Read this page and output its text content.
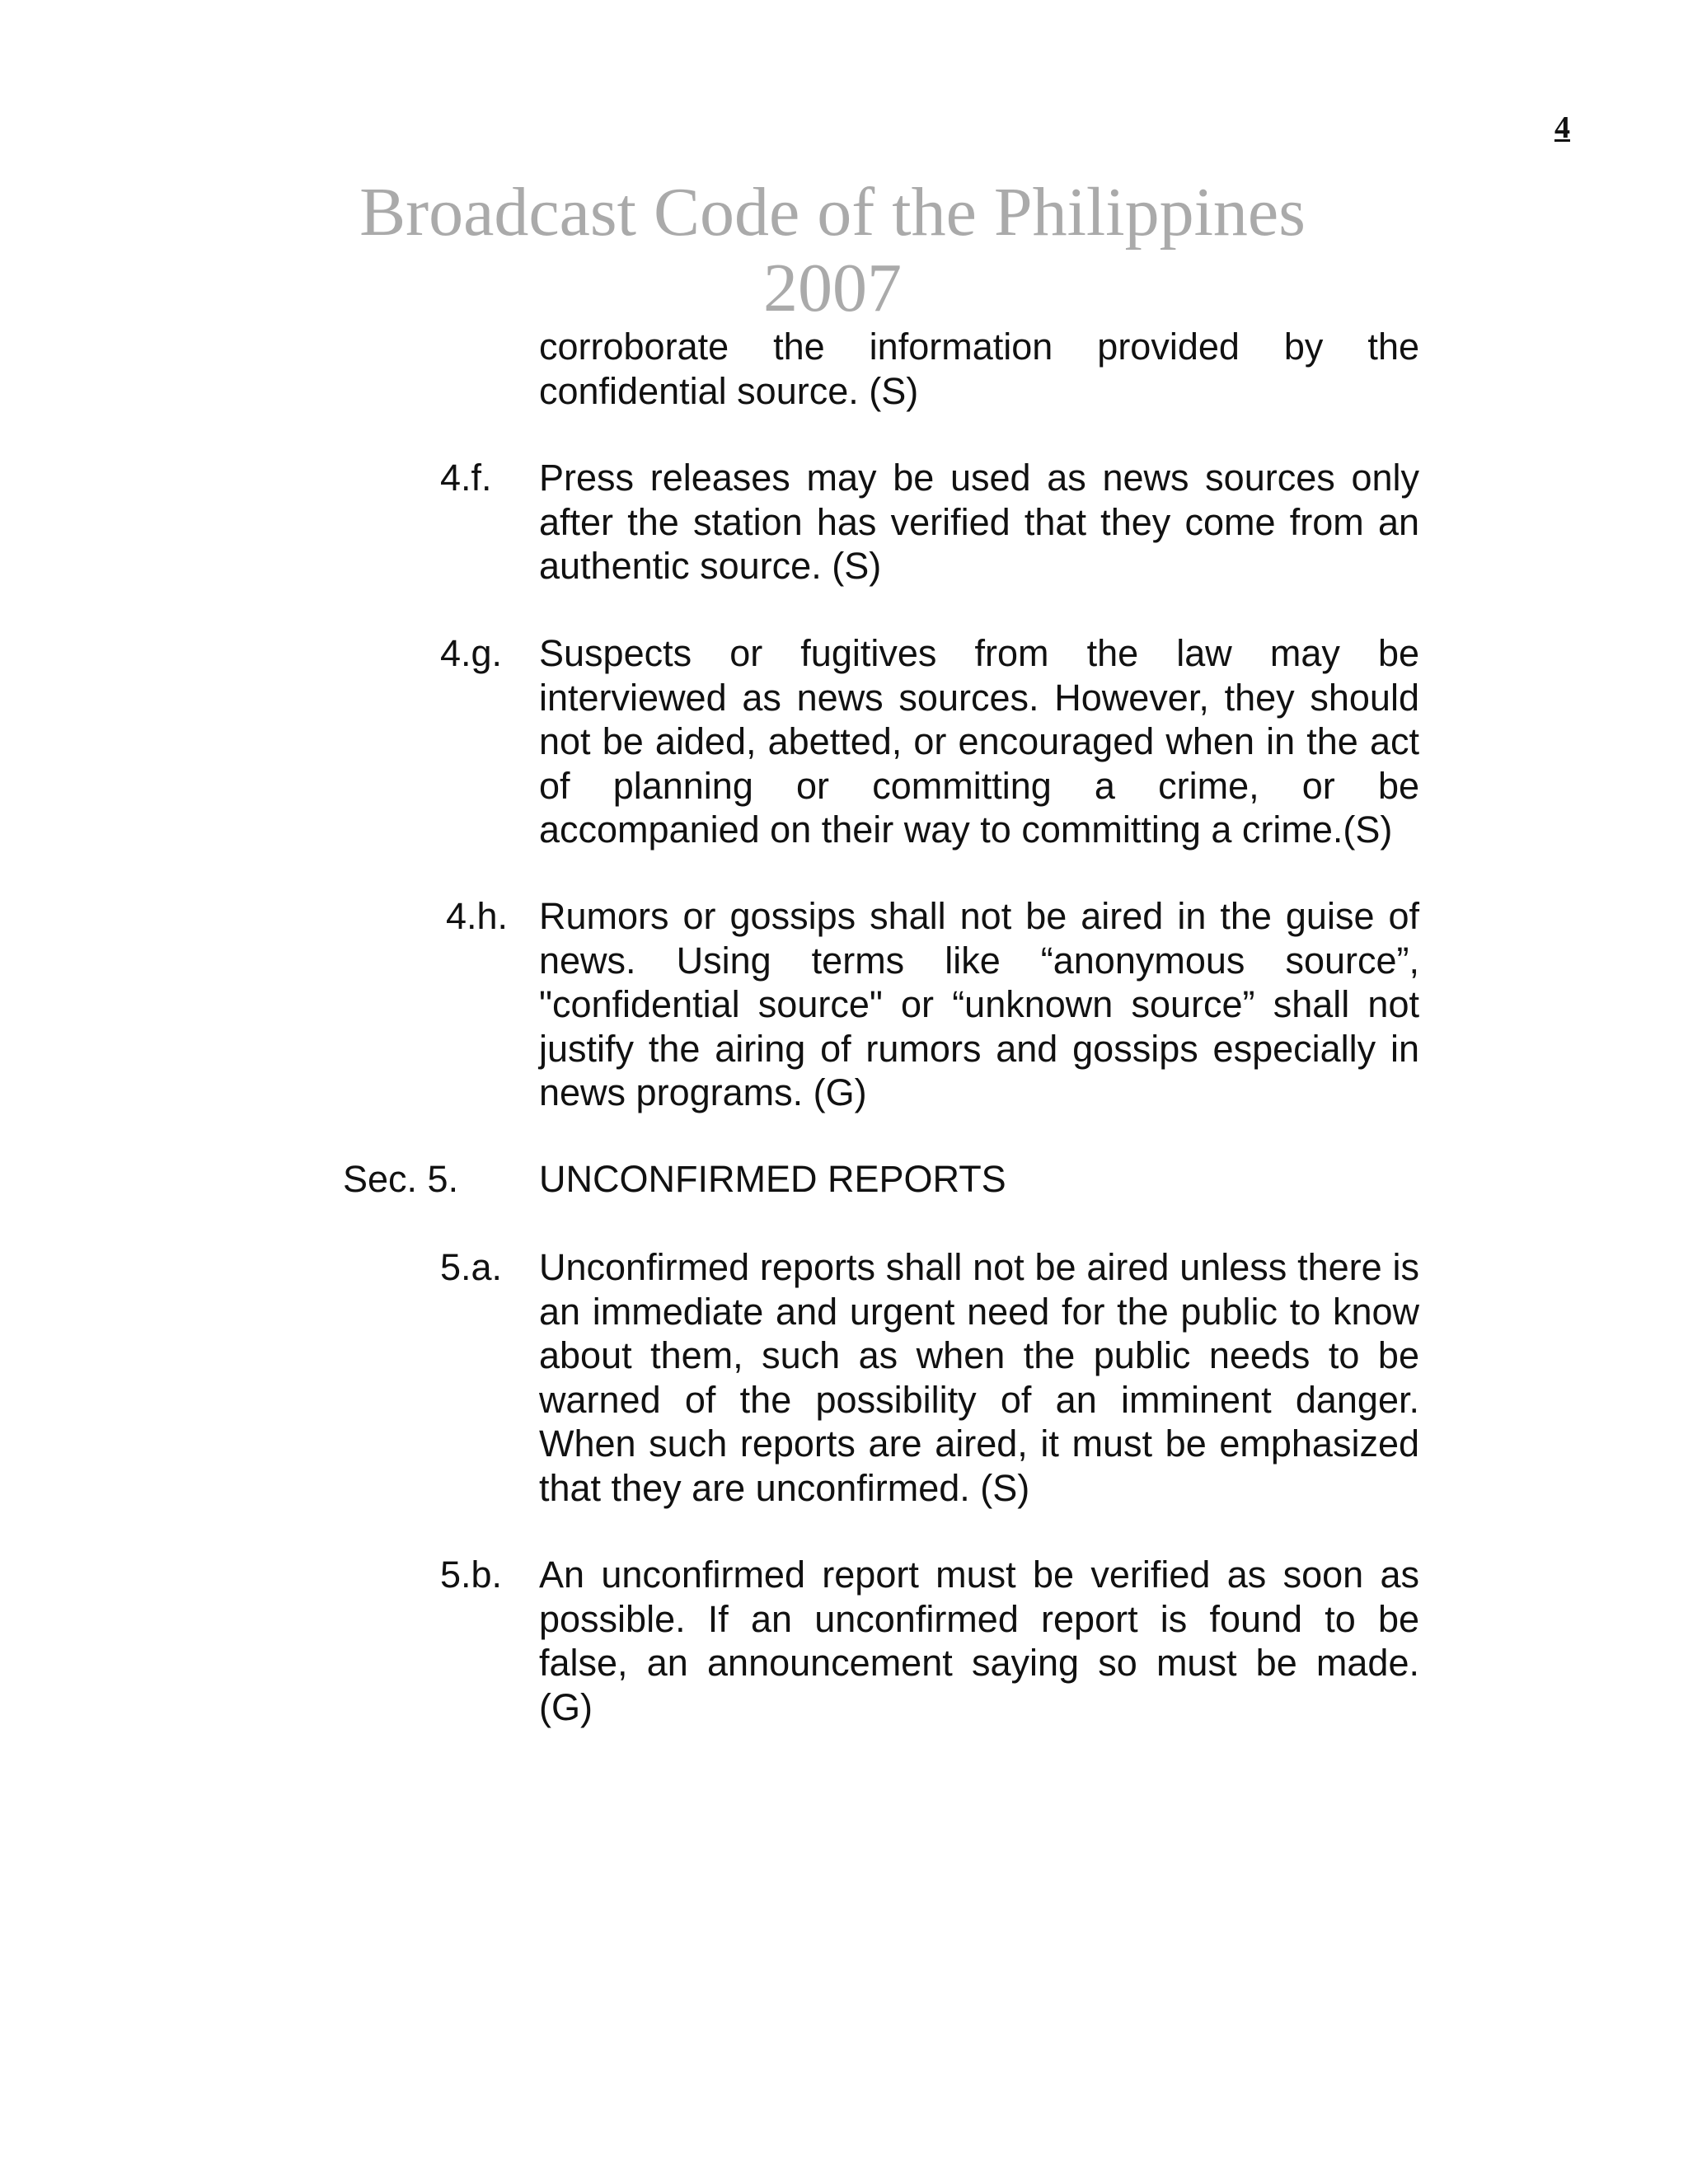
4
Broadcast Code of the Philippines
2007
corroborate the information provided by the confidential source. (S)
4.f. Press releases may be used as news sources only after the station has verified that they come from an authentic source. (S)
4.g. Suspects or fugitives from the law may be interviewed as news sources. However, they should not be aided, abetted, or encouraged when in the act of planning or committing a crime, or be accompanied on their way to committing a crime.(S)
4.h. Rumors or gossips shall not be aired in the guise of news. Using terms like “anonymous source”, "confidential source" or “unknown source” shall not justify the airing of rumors and gossips especially in news programs. (G)
Sec. 5. UNCONFIRMED REPORTS
5.a. Unconfirmed reports shall not be aired unless there is an immediate and urgent need for the public to know about them, such as when the public needs to be warned of the possibility of an imminent danger. When such reports are aired, it must be emphasized that they are unconfirmed. (S)
5.b. An unconfirmed report must be verified as soon as possible. If an unconfirmed report is found to be false, an announcement saying so must be made. (G)
